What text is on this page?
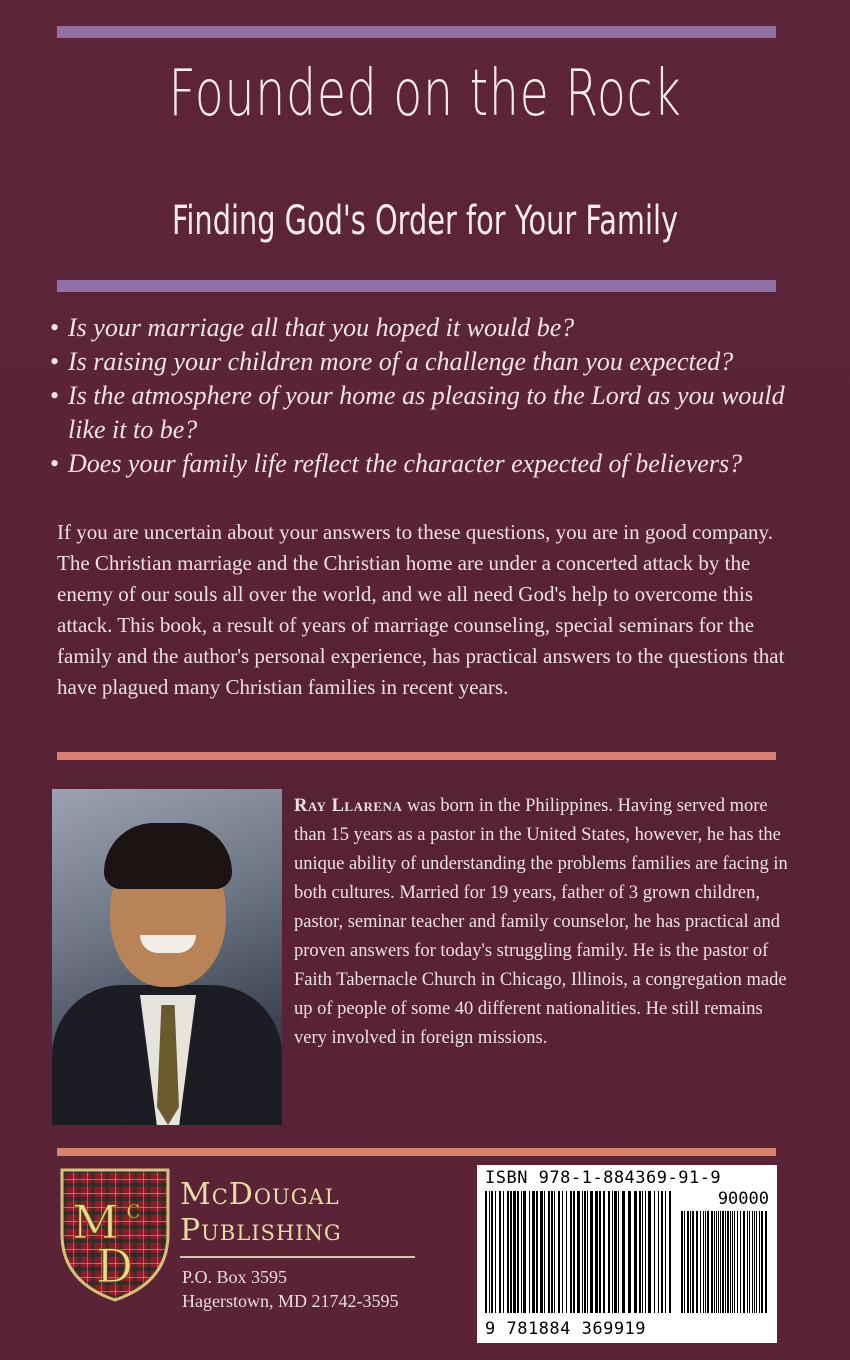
Founded on the Rock
Finding God's Order for Your Family
• Is your marriage all that you hoped it would be?
• Is raising your children more of a challenge than you expected?
• Is the atmosphere of your home as pleasing to the Lord as you would like it to be?
• Does your family life reflect the character expected of believers?

If you are uncertain about your answers to these questions, you are in good company. The Christian marriage and the Christian home are under a concerted attack by the enemy of our souls all over the world, and we all need God's help to overcome this attack. This book, a result of years of marriage counseling, special seminars for the family and the author's personal experience, has practical answers to the questions that have plagued many Christian families in recent years.

Ray Llarena was born in the Philippines. Having served more than 15 years as a pastor in the United States, however, he has the unique ability of understanding the problems families are facing in both cultures. Married for 19 years, father of 3 grown children, pastor, seminar teacher and family counselor, he has practical and proven answers for today's struggling family. He is the pastor of Faith Tabernacle Church in Chicago, Illinois, a congregation made up of people of some 40 different nationalities. He still remains very involved in foreign missions.

M c
D
McDougal
Publishing
P.O. Box 3595
Hagerstown, MD 21742-3595
ISBN 978-1-884369-91-9
90000
9 781884 369919
